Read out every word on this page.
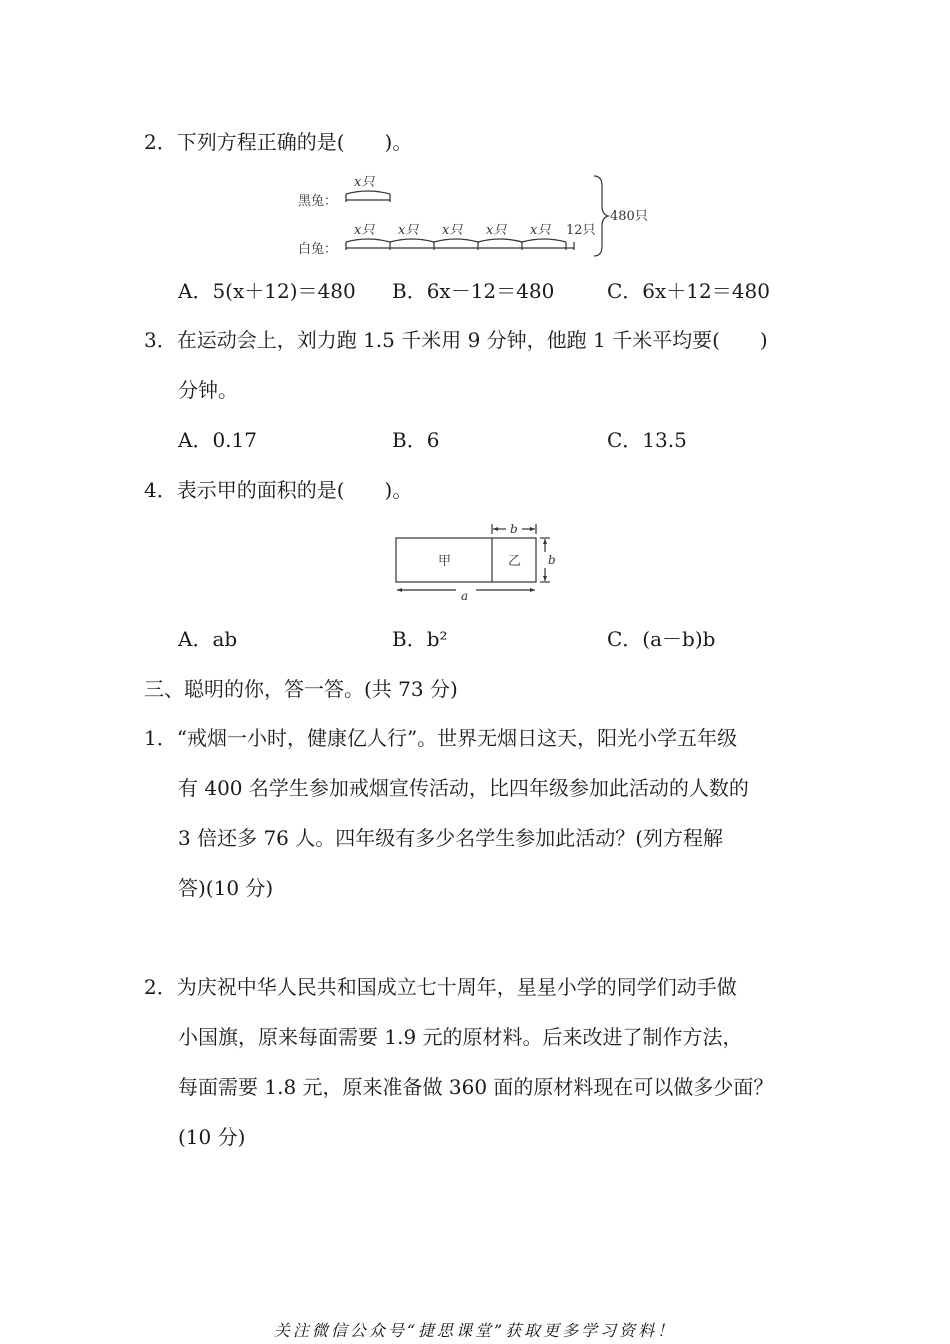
2．下列方程正确的是(　　)。
黑兔：
白兔：
x只
x只 x只 x只 x只 x只 12只
480只
A．5(x＋12)＝480 B．6x－12＝480	C．6x＋12＝480
3．在运动会上，刘力跑 1.5 千米用 9 分钟，他跑 1 千米平均要(　　)
分钟。
A．0.17	B．6	C．13.5
4．表示甲的面积的是(　　)。
甲	乙
b
b
a
A．ab	B．b²	C．(a－b)b
三、聪明的你，答一答。(共 73 分)
1．“戒烟一小时，健康亿人行”。世界无烟日这天，阳光小学五年级
有 400 名学生参加戒烟宣传活动，比四年级参加此活动的人数的
3 倍还多 76 人。四年级有多少名学生参加此活动？(列方程解
答)(10 分)
2．为庆祝中华人民共和国成立七十周年，星星小学的同学们动手做
小国旗，原来每面需要 1.9 元的原材料。后来改进了制作方法，
每面需要 1.8 元，原来准备做 360 面的原材料现在可以做多少面？
(10 分)
关注微信公众号“捷思课堂”获取更多学习资料！
